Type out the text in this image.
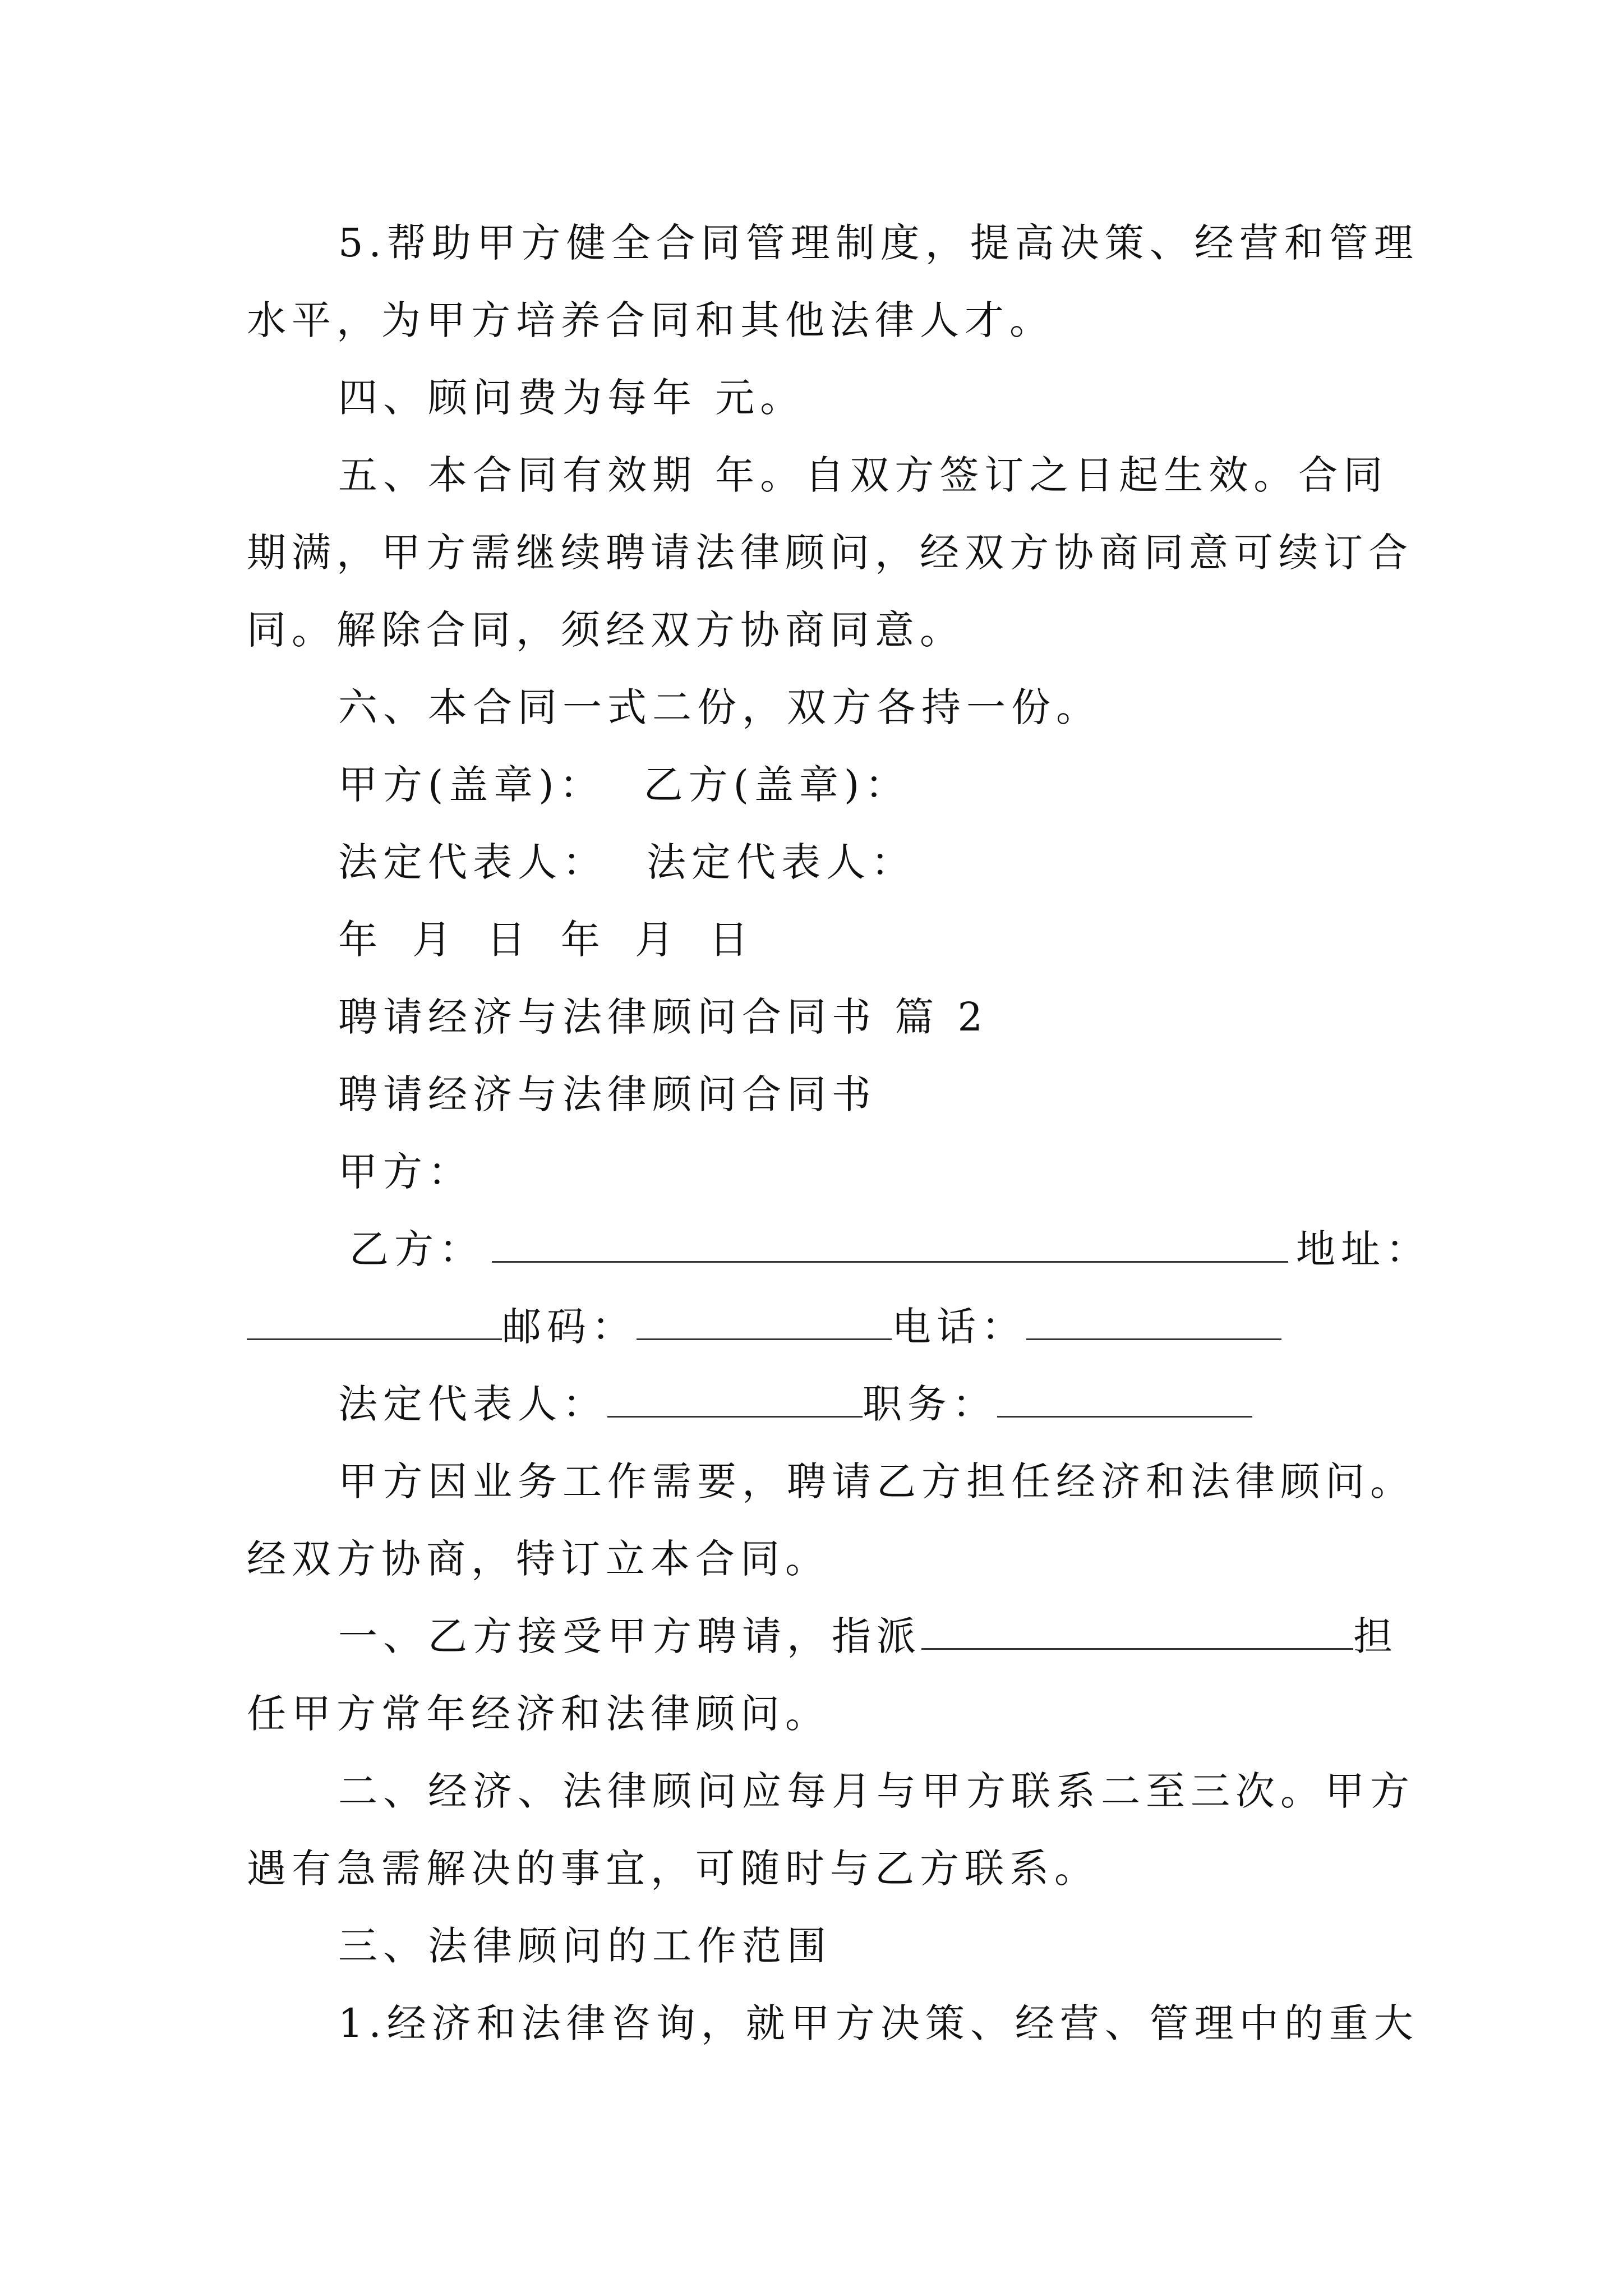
5.帮助甲方健全合同管理制度，提高决策、经营和管理
水平，为甲方培养合同和其他法律人才。
四、顾问费为每年 元。
五、本合同有效期 年。自双方签订之日起生效。合同
期满，甲方需继续聘请法律顾问，经双方协商同意可续订合
同。解除合同，须经双方协商同意。
六、本合同一式二份，双方各持一份。
甲方(盖章)： 乙方(盖章)：
法定代表人： 法定代表人：
年 月 日 年 月 日
聘请经济与法律顾问合同书 篇 2
聘请经济与法律顾问合同书
甲方：
乙方：	地址：
邮码：	电话：
法定代表人：	职务：
甲方因业务工作需要，聘请乙方担任经济和法律顾问。
经双方协商，特订立本合同。
一、乙方接受甲方聘请，指派	担
任甲方常年经济和法律顾问。
二、经济、法律顾问应每月与甲方联系二至三次。甲方
遇有急需解决的事宜，可随时与乙方联系。
三、法律顾问的工作范围
1.经济和法律咨询，就甲方决策、经营、管理中的重大
